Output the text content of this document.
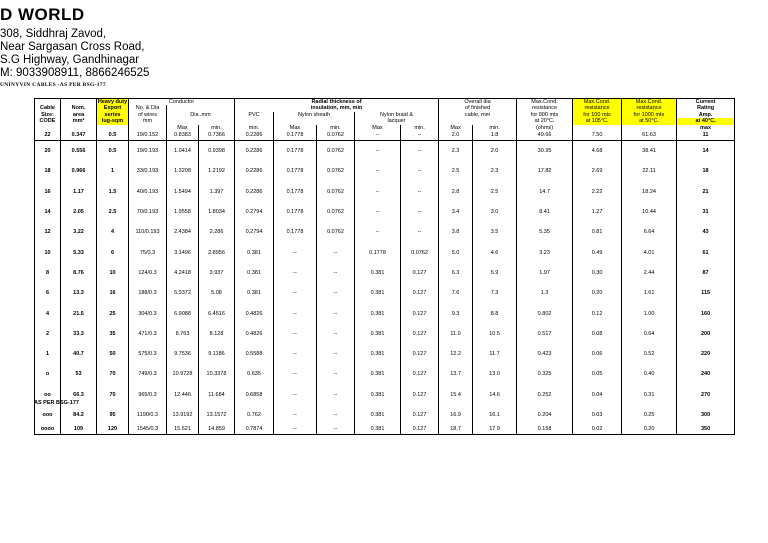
D WORLD
308, Siddhraj Zavod,
Near Sargasan Cross Road,
S.G Highway, Gandhinagar
M: 9033908911, 8866246525
UNINYVIN CABLES -AS PER BSG-177
		Heavy duty	Conductor			Radial thickness of					Overall dia		Max.Cond.	Max.Cond.	Max.Cond.	Current
Cable	Nom.	Export	No. & Dia			insulation, mm, min					of finished		resistance	resistance	resistance	Rating
Size:	area	series	of wires	Dia .mm		PVC	Nylon sheath		Nylon braid &		cable, mm		for 900 mts	for 100 mts	for 1000 mts	Amp.
CODE	mm²	lug-sqm	mm						lacquer				at 20°C.	at 105°C.	at 50°C.	at 40°C,
				Max	min.	min.	Max	min.	Max	min.	Max	min.	(ohms)			max
22	0.347	0.5	19/0.152	0.8383	0.7366	0.2286	0.1778	0.0762	--	--	2.0	1.8	49.66	7.50	61.63	11
20	0.556	0.5	19/0.193	1.0414	0.9398	0.2286	0.1778	0.0762	--	--	2.3	2.0	30.95	4.68	38.41	14
18	0.966	1	33/0.193	1.3208	1.2192	0.2286	0.1778	0.0762	--	--	2.5	2.3	17.82	2.69	22.11	18
16	1.17	1.5	40/0.193	1.5494	1.397	0.2286	0.1778	0.0762	--	--	2.8	2.5	14.7	2.22	18.24	21
14	2.05	2.5	70/0.193	1.9558	1.8034	0.2794	0.1778	0.0762	--	--	3.4	3.0	8.41	1.27	10.44	31
12	3.22	4	110/0.193	2.4384	2.286	0.2794	0.1778	0.0762	--	--	3.8	3.5	5.35	0.81	6.64	43
10	5.33	6	75/0.3	3.1496	2.8956	0.381	--	--	0.1778	0.0762	5.0	4.6	3.23	0.49	4.01	61
8	8.76	10	124/0.3	4.2418	3.937	0.381	--	--	0.381	0.127	6.3	5.9	1.97	0.30	2.44	87
6	13.3	16	188/0.3	5.3372	5.08	0.381	--	--	0.381	0.127	7.6	7.3	1.3	0.20	1.61	115
4	21.5	25	304/0.3	6.9088	6.4516	0.4826	--	--	0.381	0.127	9.3	8.8	0.802	0.12	1.00	160
2	33.3	35	471/0.3	8.763	8.128	0.4826	--	--	0.381	0.127	11.0	10.5	0.517	0.08	0.64	200
1	40.7	50	575/0.3	9.7536	9.1186	0.5588	--	--	0.381	0.127	12.2	11.7	0.423	0.06	0.52	220
o	53	70	749/0.3	10.9728	10.3378	0.635	--	--	0.381	0.127	13.7	13.0	0.325	0.05	0.40	240
oo	66.3	70	965/0.3	12.446	11.684	0.6858	--	--	0.381	0.127	15.4	14.6	0.252	0.04	0.31	270
ooo	84.2	95	1190/0.3	13.9192	13.1572	0.762	--	--	0.381	0.127	16.9	16.1	0.204	0.03	0.25	300
oooo	109	120	1545/0.3	15.621	14.859	0.7874	--	--	0.381	0.127	18.7	17.9	0.158	0.02	0.20	350
AS PER BSG-177
